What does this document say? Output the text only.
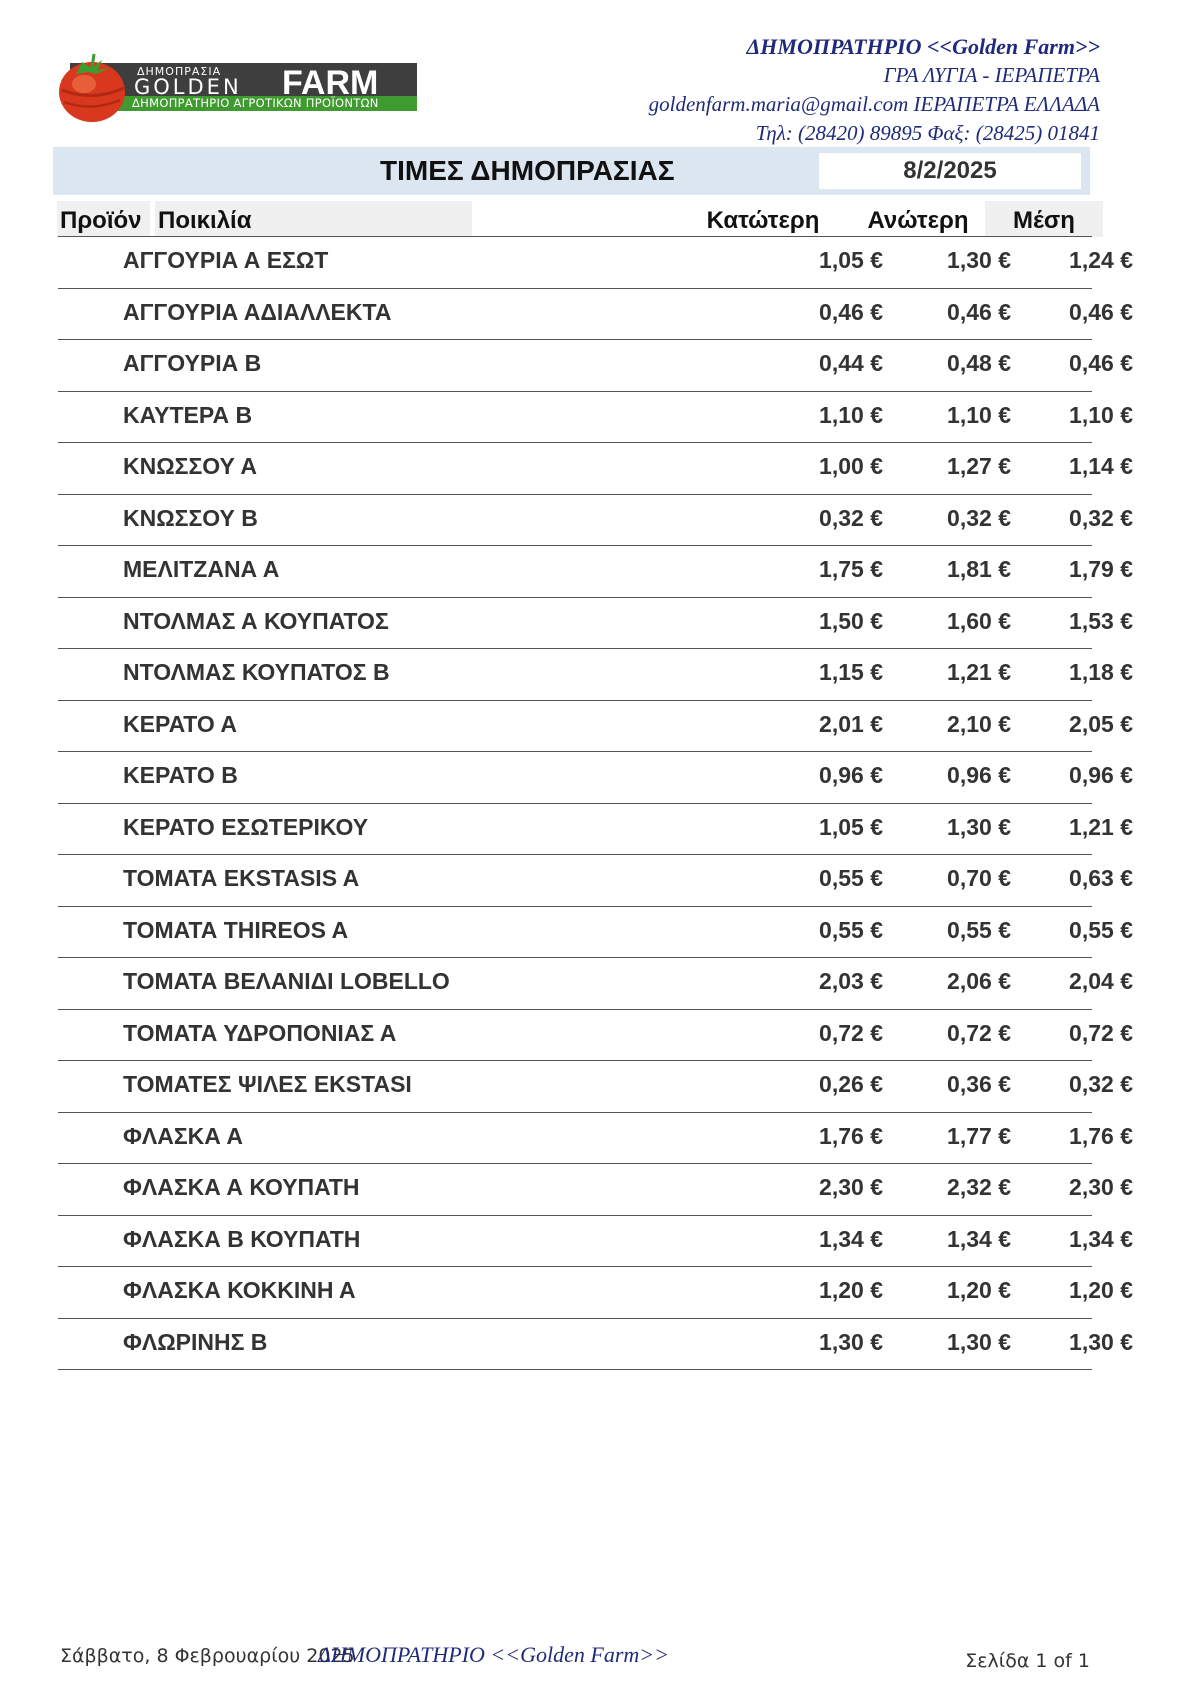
ΔΗΜΟΠΡΑΣΙΑ
GOLDEN FARM
ΔΗΜΟΠΡΑΤΗΡΙΟ ΑΓΡΟΤΙΚΩΝ ΠΡΟΪΟΝΤΩΝ
ΔΗΜΟΠΡΑΤΗΡΙΟ <<Golden Farm>>
ΓΡΑ ΛΥΓΙΑ - ΙΕΡΑΠΕΤΡΑ
goldenfarm.maria@gmail.com ΙΕΡΑΠΕΤΡΑ ΕΛΛΑΔΑ
Τηλ: (28420) 89895 Φαξ: (28425) 01841
ΤΙΜΕΣ ΔΗΜΟΠΡΑΣΙΑΣ	8/2/2025
Προϊόν Ποικιλία	Κατώτερη	Ανώτερη	Μέση
ΑΓΓΟΥΡΙΑ Α ΕΣΩΤ	1,05 €	1,30 €	1,24 €
ΑΓΓΟΥΡΙΑ ΑΔΙΑΛΛΕΚΤΑ	0,46 €	0,46 €	0,46 €
ΑΓΓΟΥΡΙΑ Β	0,44 €	0,48 €	0,46 €
ΚΑΥΤΕΡΑ Β	1,10 €	1,10 €	1,10 €
ΚΝΩΣΣΟΥ Α	1,00 €	1,27 €	1,14 €
ΚΝΩΣΣΟΥ Β	0,32 €	0,32 €	0,32 €
ΜΕΛΙΤΖΑΝΑ Α	1,75 €	1,81 €	1,79 €
ΝΤΟΛΜΑΣ Α ΚΟΥΠΑΤΟΣ	1,50 €	1,60 €	1,53 €
ΝΤΟΛΜΑΣ ΚΟΥΠΑΤΟΣ Β	1,15 €	1,21 €	1,18 €
ΚΕΡΑΤΟ Α	2,01 €	2,10 €	2,05 €
ΚΕΡΑΤΟ Β	0,96 €	0,96 €	0,96 €
ΚΕΡΑΤΟ ΕΣΩΤΕΡΙΚΟΥ	1,05 €	1,30 €	1,21 €
ΤΟΜΑΤΑ EKSTASIS A	0,55 €	0,70 €	0,63 €
ΤΟΜΑΤΑ THIREOS A	0,55 €	0,55 €	0,55 €
ΤΟΜΑΤΑ ΒΕΛΑΝΙΔΙ LOBELLO	2,03 €	2,06 €	2,04 €
ΤΟΜΑΤΑ ΥΔΡΟΠΟΝΙΑΣ Α	0,72 €	0,72 €	0,72 €
ΤΟΜΑΤΕΣ ΨΙΛΕΣ EKSTASI	0,26 €	0,36 €	0,32 €
ΦΛΑΣΚΑ Α	1,76 €	1,77 €	1,76 €
ΦΛΑΣΚΑ Α ΚΟΥΠΑΤΗ	2,30 €	2,32 €	2,30 €
ΦΛΑΣΚΑ Β ΚΟΥΠΑΤΗ	1,34 €	1,34 €	1,34 €
ΦΛΑΣΚΑ ΚΟΚΚΙΝΗ Α	1,20 €	1,20 €	1,20 €
ΦΛΩΡΙΝΗΣ Β	1,30 €	1,30 €	1,30 €
Σάββατο, 8 Φεβρουαρίου 2025
ΔΗΜΟΠΡΑΤΗΡΙΟ <<Golden Farm>>	Σελίδα 1 of 1
